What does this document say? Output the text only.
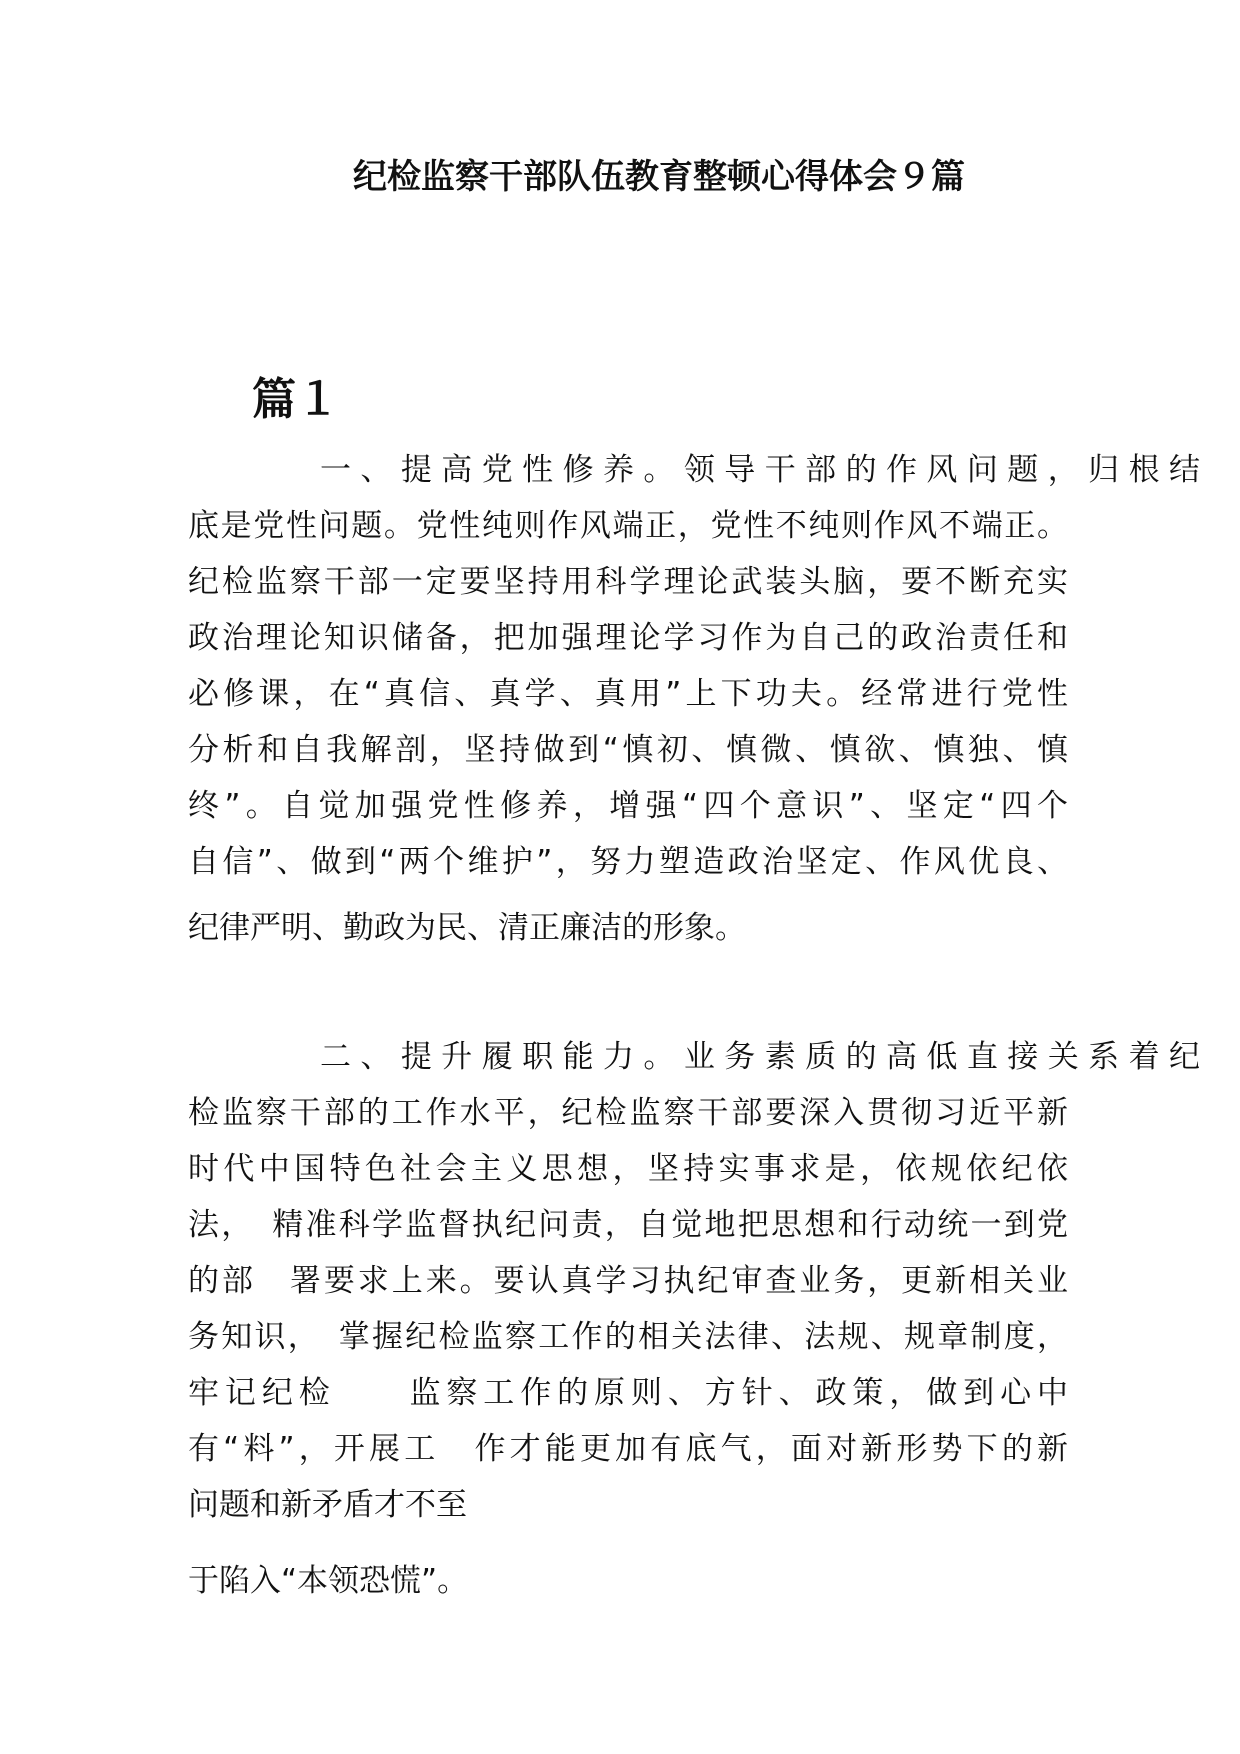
纪检监察干部队伍教育整顿心得体会９篇
篇１
一、提高党性修养。领导干部的作风问题，归根结
底是党性问题。党性纯则作风端正，党性不纯则作风不端正。
纪检监察干部一定要坚持用科学理论武装头脑，要不断充实
政治理论知识储备，把加强理论学习作为自己的政治责任和
必修课，在“真信、真学、真用”上下功夫。经常进行党性
分析和自我解剖，坚持做到“慎初、慎微、慎欲、慎独、慎
终”。自觉加强党性修养，增强“四个意识”、坚定“四个
自信”、做到“两个维护”，努力塑造政治坚定、作风优良、
纪律严明、勤政为民、清正廉洁的形象。
二、提升履职能力。业务素质的高低直接关系着纪
检监察干部的工作水平，纪检监察干部要深入贯彻习近平新
时代中国特色社会主义思想，坚持实事求是，依规依纪依
法，　精准科学监督执纪问责，自觉地把思想和行动统一到党
的部　署要求上来。要认真学习执纪审查业务，更新相关业
务知识，　掌握纪检监察工作的相关法律、法规、规章制度，
牢记纪检　　监察工作的原则、方针、政策，做到心中
有“料”，开展工　作才能更加有底气，面对新形势下的新
问题和新矛盾才不至
于陷入“本领恐慌”。
